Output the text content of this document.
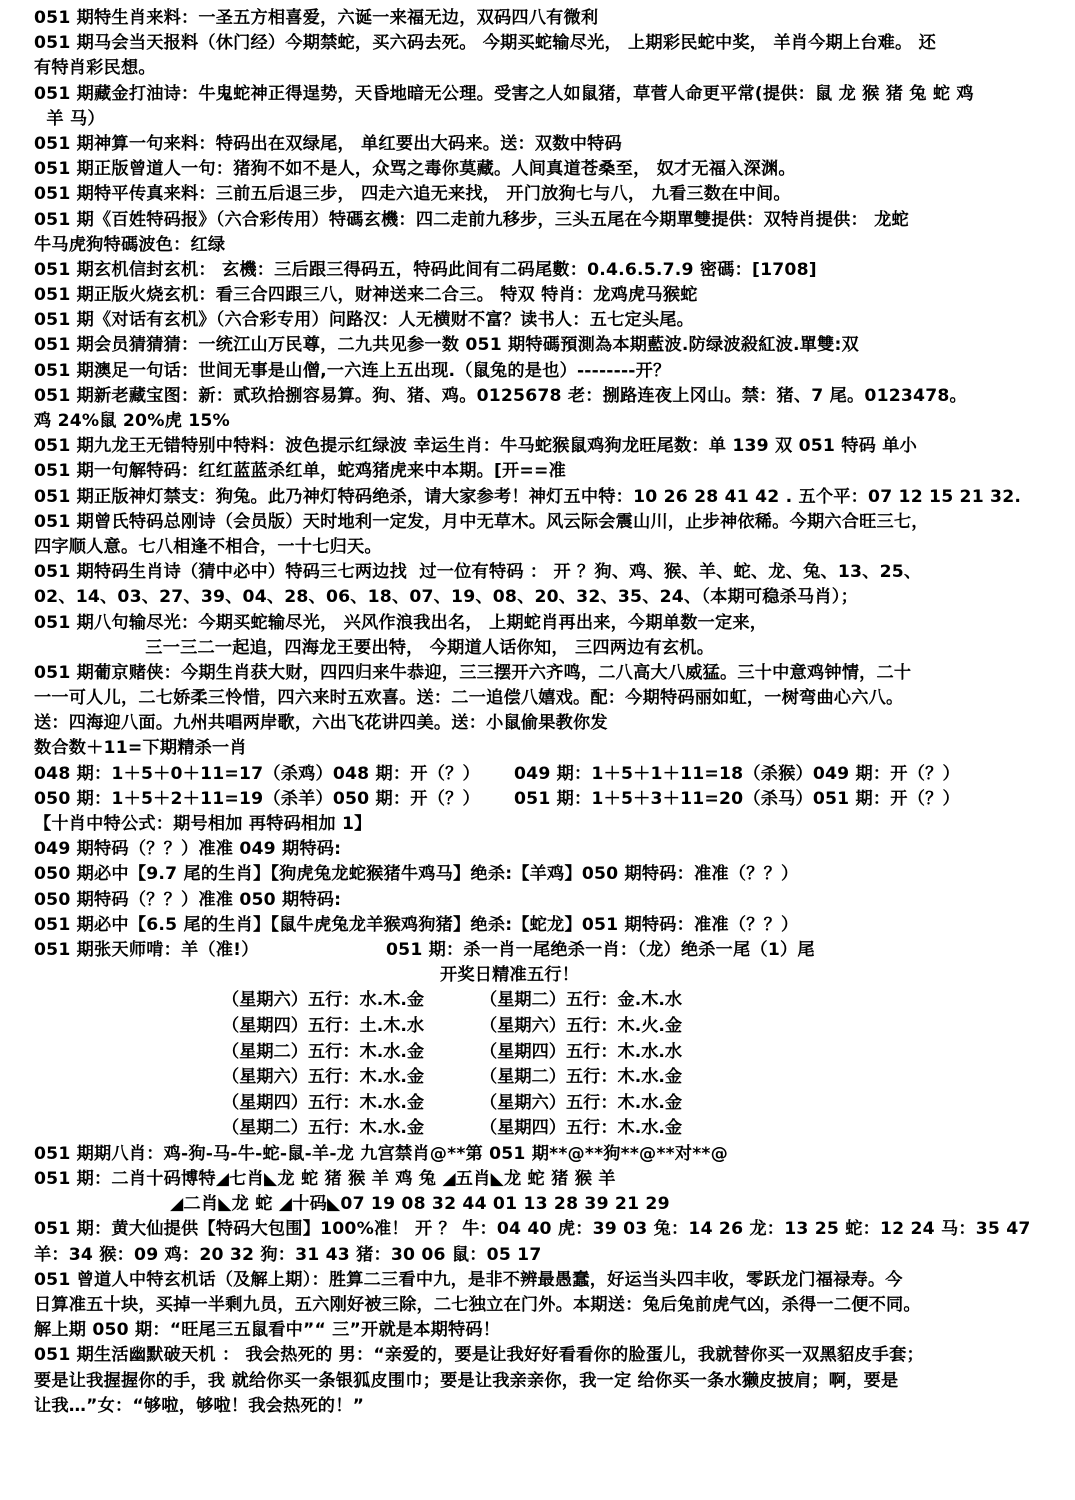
051 期特生肖来料：一圣五方相喜爱，六诞一来福无边，双码四八有微利
051 期马会当天报料（休门经）今期禁蛇，买六码去死。 今期买蛇输尽光， 上期彩民蛇中奖， 羊肖今期上台难。 还
有特肖彩民想。
051 期藏金打油诗：牛鬼蛇神正得逞势，天昏地暗无公理。受害之人如鼠猪，草菅人命更平常(提供：鼠 龙 猴 猪 兔 蛇 鸡
羊 马）
051 期神算一句来料：特码出在双绿尾， 单红要出大码来。送：双数中特码
051 期正版曾道人一句：猪狗不如不是人，众骂之毒你莫藏。人间真道苍桑至， 奴才无福入深渊。
051 期特平传真来料：三前五后退三步， 四走六追无来找， 开门放狗七与八， 九看三数在中间。
051 期《百姓特码报》（六合彩传用）特碼玄機：四二走前九移步，三头五尾在今期單雙提供：双特肖提供： 龙蛇
牛马虎狗特碼波色：红绿
051 期玄机信封玄机： 玄機：三后跟三得码五，特码此间有二码尾數：0.4.6.5.7.9 密碼：[1708]
051 期正版火烧玄机：看三合四跟三八，财神送来二合三。 特双 特肖：龙鸡虎马猴蛇
051 期《对话有玄机》（六合彩专用）问路汉：人无横财不富？读书人：五七定头尾。
051 期会员猜猜猜：一统江山万民尊，二九共见参一数 051 期特碼預測為本期藍波.防绿波殺紅波.單雙:双
051 期澳足一句话：世间无事是山僧,一六连上五出现.（鼠兔的是也）--------开？
051 期新老藏宝图：新：贰玖拾捌容易算。狗、猪、鸡。0125678 老：捌路连夜上冈山。禁：猪、7 尾。0123478。
鸡 24%鼠 20%虎 15%
051 期九龙王无错特别中特料：波色提示红绿波 幸运生肖：牛马蛇猴鼠鸡狗龙旺尾数：单 139 双 051 特码 单小
051 期一句解特码：红红蓝蓝杀红单，蛇鸡猪虎来中本期。[开==准
051 期正版神灯禁支：狗兔。此乃神灯特码绝杀，请大家参考！神灯五中特：10 26 28 41 42 . 五个平：07 12 15 21 32.
051 期曾氏特码总刚诗（会员版）天时地利一定发，月中无草木。风云际会震山川，止步神依稀。今期六合旺三七，
四字顺人意。七八相逢不相合，一十七归天。
051 期特码生肖诗（猜中必中）特码三七两边找  过一位有特码 ： 开 ？狗、鸡、猴、羊、蛇、龙、兔、13、25、
02、14、03、27、39、04、28、06、18、07、19、08、20、32、35、24、（本期可稳杀马肖）；
051 期八句输尽光：今期买蛇输尽光， 兴风作浪我出名， 上期蛇肖再出来，今期单数一定来，
三一三二一起追，四海龙王要出特， 今期道人话你知， 三四两边有玄机。
051 期葡京赌侠：今期生肖获大财，四四归来牛恭迎，三三摆开六齐鸣，二八高大八威猛。三十中意鸡钟情，二十
一一可人儿，二七娇柔三怜惜，四六来时五欢喜。送：二一追偿八嬉戏。配：今期特码丽如虹，一树弯曲心六八。
送：四海迎八面。九州共唱两岸歌，六出飞花讲四美。送：小鼠偷果教你发
数合数＋11=下期精杀一肖
048 期：1＋5＋0＋11=17（杀鸡）048 期：开（？）	049 期：1＋5＋1＋11=18（杀猴）049 期：开（？）
050 期：1＋5＋2＋11=19（杀羊）050 期：开（？）	051 期：1＋5＋3＋11=20（杀马）051 期：开（？）
【十肖中特公式：期号相加 再特码相加 1】
049 期特码（？？）准准 049 期特码:
050 期必中【9.7 尾的生肖】【狗虎兔龙蛇猴猪牛鸡马】绝杀:【羊鸡】050 期特码：准准（？？）
050 期特码（？？）准准 050 期特码:
051 期必中【6.5 尾的生肖】【鼠牛虎兔龙羊猴鸡狗猪】绝杀:【蛇龙】051 期特码：准准（？？）
051 期张天师啃：羊（准!）	051 期：杀一肖一尾绝杀一肖：（龙）绝杀一尾（1）尾
开奖日精准五行！
（星期六）五行：水.木.金	（星期二）五行：金.木.水
（星期四）五行：土.木.水	（星期六）五行：木.火.金
（星期二）五行：木.水.金	（星期四）五行：木.水.水
（星期六）五行：木.水.金	（星期二）五行：木.水.金
（星期四）五行：木.水.金	（星期六）五行：木.水.金
（星期二）五行：木.水.金	（星期四）五行：木.水.金
051 期期八肖：鸡-狗-马-牛-蛇-鼠-羊-龙 九宫禁肖@**第 051 期**@**狗**@**对**@
051 期：二肖十码博特◢七肖◣龙 蛇 猪 猴 羊 鸡 兔 ◢五肖◣龙 蛇 猪 猴 羊
◢二肖◣龙 蛇 ◢十码◣07 19 08 32 44 01 13 28 39 21 29
051 期：黄大仙提供【特码大包围】100%准！ 开 ？ 牛：04 40 虎：39 03 兔：14 26 龙：13 25 蛇：12 24 马：35 47
羊：34 猴：09 鸡：20 32 狗：31 43 猪：30 06 鼠：05 17
051 曾道人中特玄机话（及解上期）：胜算二三看中九，是非不辨最愚蠢，好运当头四丰收，零跃龙门福禄寿。今
日算准五十块，买掉一半剩九员，五六刚好被三除，二七独立在门外。本期送：兔后兔前虎气凶，杀得一二便不同。
解上期 050 期：“旺尾三五鼠看中”“ 三”开就是本期特码！
051 期生活幽默破天机 ： 我会热死的 男：“亲爱的，要是让我好好看看你的脸蛋儿，我就替你买一双黑貂皮手套；
要是让我握握你的手，我 就给你买一条银狐皮围巾；要是让我亲亲你，我一定 给你买一条水獭皮披肩；啊，要是
让我…”女：“够啦，够啦！我会热死的！”
